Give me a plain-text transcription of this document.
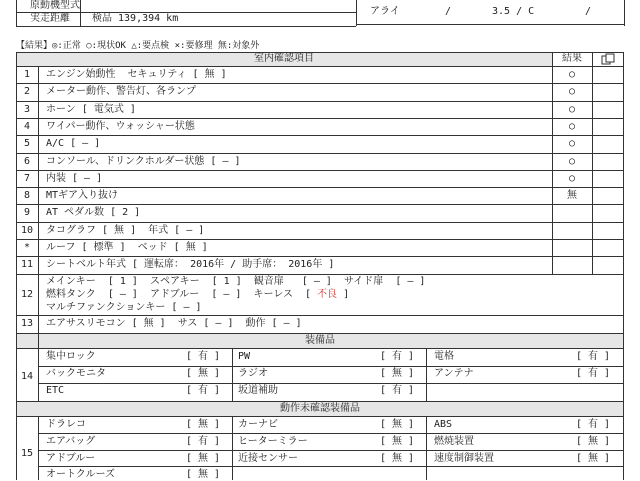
原動機型式
実走距離 検品 139,394 km
アライ	/	3.5 / C	/
【結果】◎:正常 ○:現状OK △:要点検 ×:要修理 無:対象外
室内確認項目	結果
1	エンジン始動性  セキュリティ [ 無 ]	○
2	メーター動作、警告灯、各ランプ	○
3	ホーン [ 電気式 ]	○
4	ワイパー動作、ウォッシャー状態	○
5	A/C [ — ]	○
6	コンソール、ドリンクホルダー状態 [ — ]	○
7	内装 [ — ]	○
8	MTギア入り抜け	無
9	AT ペダル数 [ 2 ]
10	タコグラフ [ 無 ]  年式 [ — ]
*	ルーフ [ 標準 ]  ベッド [ 無 ]
11	シートベルト年式 [ 運転席： 2016年 / 助手席： 2016年 ]
12
メインキー  [ 1 ]  スペアキー  [ 1 ]  観音扉   [ — ]  サイド扉  [ — ]
燃料タンク  [ — ]  アドブルー  [ — ]  キーレス  [ 不良 ]
マルチファンクションキー [ — ]
13	エアサスリモコン [ 無 ]  サス [ — ]  動作 [ — ]
装備品
14
集中ロック	[ 有 ]	PW	[ 有 ]	電格	[ 有 ]
バックモニタ	[ 無 ]	ラジオ	[ 無 ]	アンテナ	[ 有 ]
ETC	[ 有 ]	坂道補助	[ 有 ]
動作未確認装備品
15
ドラレコ	[ 無 ]	カーナビ	[ 無 ]	ABS	[ 有 ]
エアバッグ	[ 有 ]	ヒーターミラー	[ 無 ]	燃焼装置	[ 無 ]
アドブルー	[ 無 ]	近接センサー	[ 無 ]	速度制御装置	[ 無 ]
オートクルーズ	[ 無 ]
